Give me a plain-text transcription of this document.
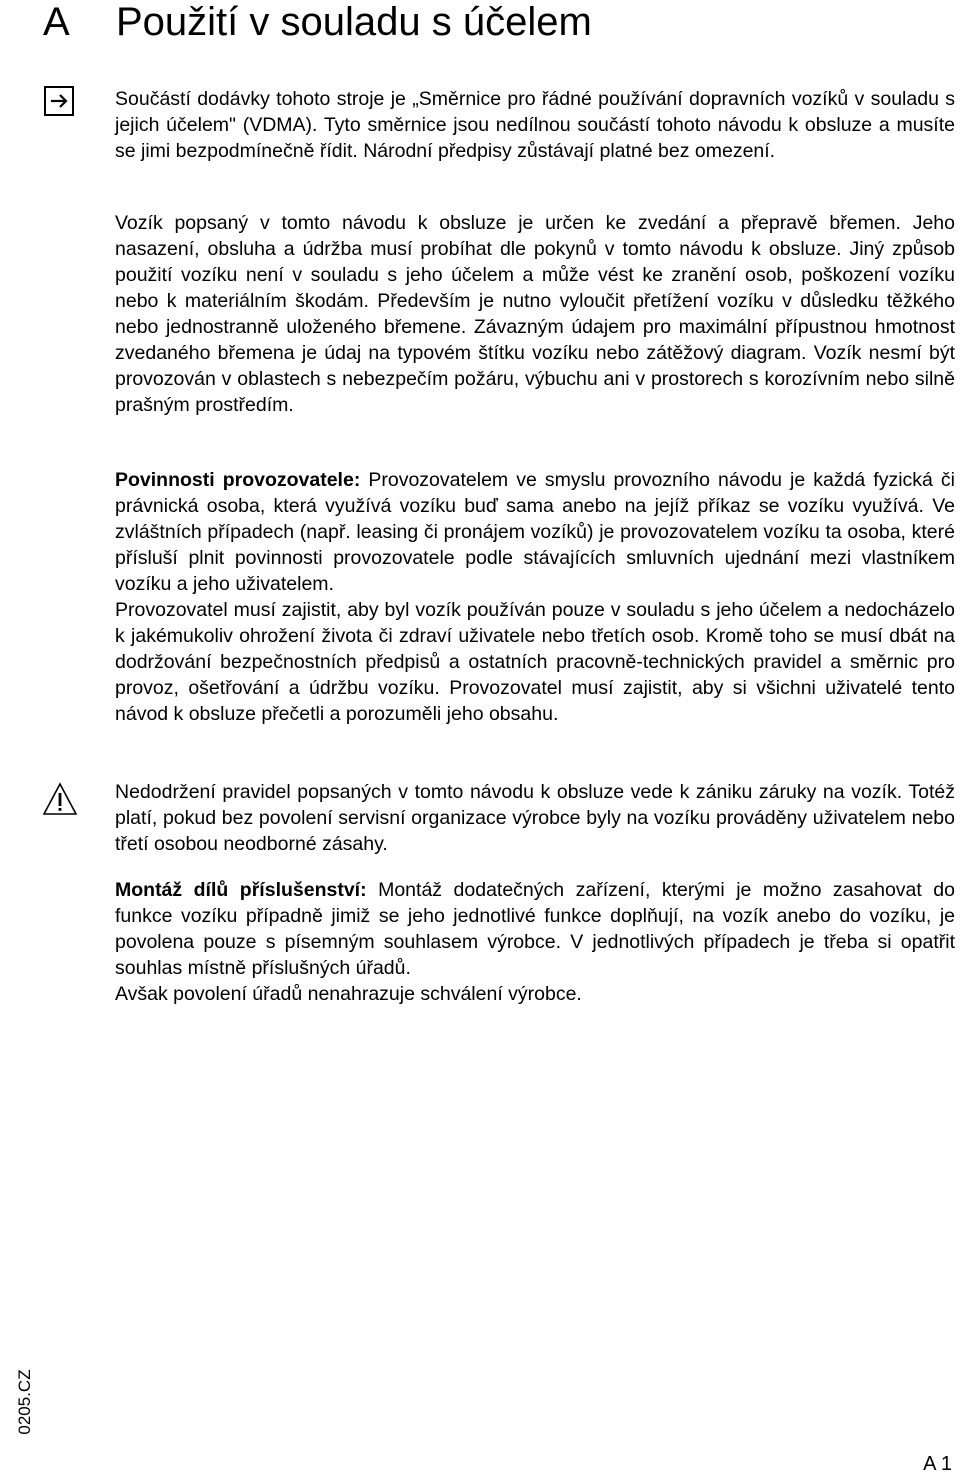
A Použití v souladu s účelem

Součástí dodávky tohoto stroje je „Směrnice pro řádné používání dopravních vozíků v souladu s jejich účelem" (VDMA). Tyto směrnice jsou nedílnou součástí tohoto návodu k obsluze a musíte se jimi bezpodmínečně řídit. Národní předpisy zůstávají platné bez omezení.

Vozík popsaný v tomto návodu k obsluze je určen ke zvedání a přepravě břemen. Jeho nasazení, obsluha a údržba musí probíhat dle pokynů v tomto návodu k obsluze. Jiný způsob použití vozíku není v souladu s jeho účelem a může vést ke zranění osob, poškození vozíku nebo k materiálním škodám. Především je nutno vyloučit přetížení vozíku v důsledku těžkého nebo jednostranně uloženého břemene. Závazným údajem pro maximální přípustnou hmotnost zvedaného břemena je údaj na typovém štítku vozíku nebo zátěžový diagram. Vozík nesmí být provozován v oblastech s nebezpečím požáru, výbuchu ani v prostorech s korozívním nebo silně prašným prostředím.

Povinnosti provozovatele: Provozovatelem ve smyslu provozního návodu je každá fyzická či právnická osoba, která využívá vozíku buď sama anebo na jejíž příkaz se vozíku využívá. Ve zvláštních případech (např. leasing či pronájem vozíků) je provozovatelem vozíku ta osoba, které přísluší plnit povinnosti provozovatele podle stávajících smluvních ujednání mezi vlastníkem vozíku a jeho uživatelem.

Provozovatel musí zajistit, aby byl vozík používán pouze v souladu s jeho účelem a nedocházelo k jakémukoliv ohrožení života či zdraví uživatele nebo třetích osob. Kromě toho se musí dbát na dodržování bezpečnostních předpisů a ostatních pracovně-technických pravidel a směrnic pro provoz, ošetřování a údržbu vozíku. Provozovatel musí zajistit, aby si všichni uživatelé tento návod k obsluze přečetli a porozuměli jeho obsahu.

Nedodržení pravidel popsaných v tomto návodu k obsluze vede k zániku záruky na vozík. Totéž platí, pokud bez povolení servisní organizace výrobce byly na vozíku prováděny uživatelem nebo třetí osobou neodborné zásahy.

Montáž dílů příslušenství: Montáž dodatečných zařízení, kterými je možno zasahovat do funkce vozíku případně jimiž se jeho jednotlivé funkce doplňují, na vozík anebo do vozíku, je povolena pouze s písemným souhlasem výrobce. V jednotlivých případech je třeba si opatřit souhlas místně příslušných úřadů.

Avšak povolení úřadů nenahrazuje schválení výrobce.

0205.CZ
A 1
